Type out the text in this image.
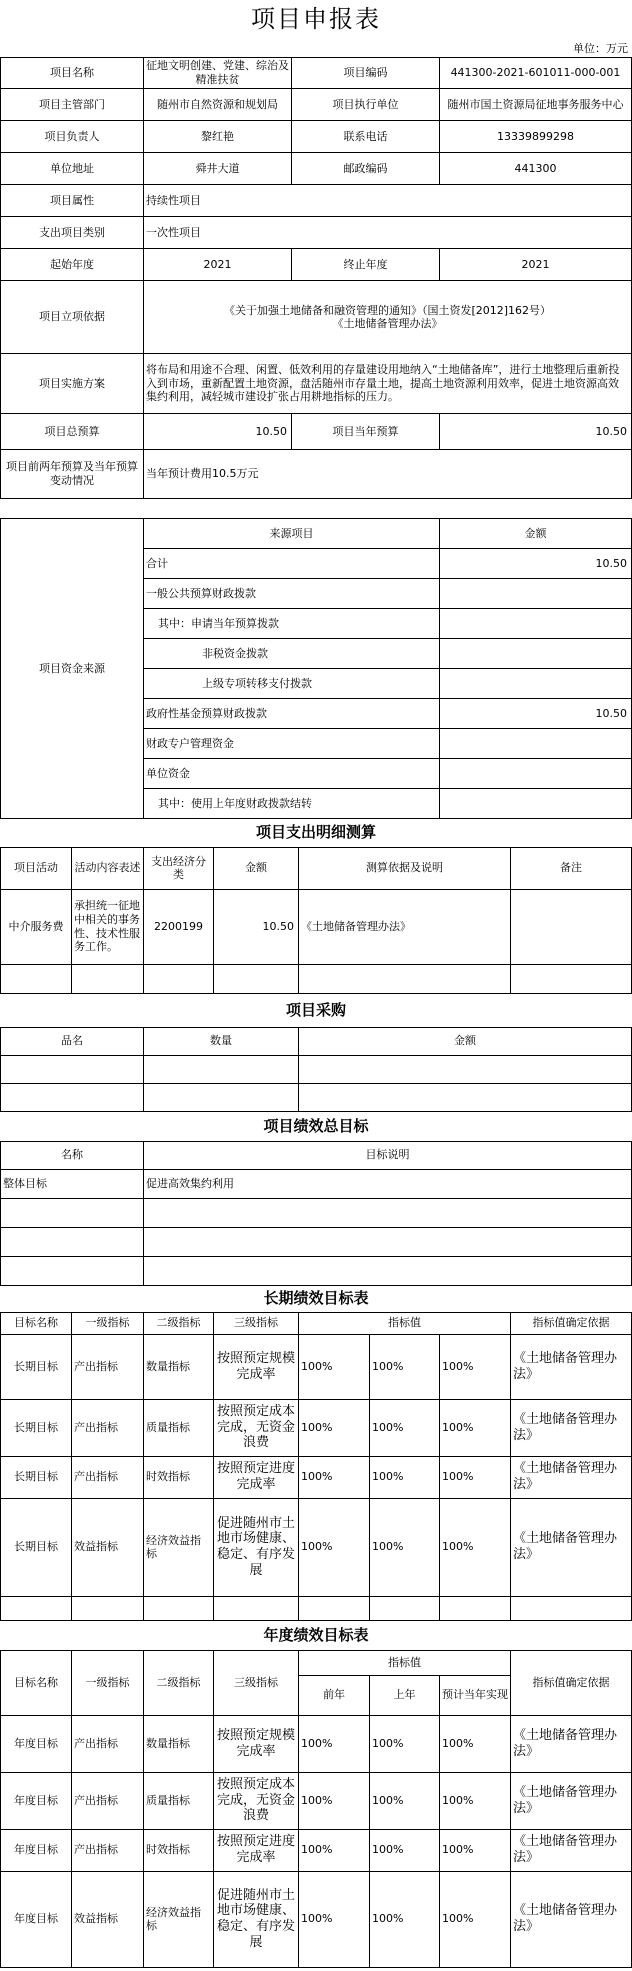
项目申报表
单位：万元
项目名称	征地文明创建、党建、综治及精准扶贫	项目编码	441300-2021-601011-000-001
项目主管部门	随州市自然资源和规划局	项目执行单位	随州市国土资源局征地事务服务中心
项目负责人	黎红艳	联系电话	13339899298
单位地址	舜井大道	邮政编码	441300
项目属性	持续性项目		
支出项目类别	一次性项目		
起始年度	2021	终止年度	2021
项目立项依据	《关于加强土地储备和融资管理的通知》（国土资发[2012]162号）
《土地储备管理办法》		

项目实施方案	将布局和用途不合理、闲置、低效利用的存量建设用地纳入“土地储备库”，进行土地整理后重新投入到市场，重新配置土地资源，盘活随州市存量土地，提高土地资源利用效率，促进土地资源高效集约利用，减轻城市建设扩张占用耕地指标的压力。		
项目总预算	10.50	项目当年预算	10.50
项目前两年预算及当年预算变动情况	当年预计费用10.5万元		
项目资金来源	来源项目	金额
	合计	10.50
	一般公共预算财政拨款	
	其中：申请当年预算拨款	
	非税资金拨款	
	上级专项转移支付拨款	
	政府性基金预算财政拨款	10.50
	财政专户管理资金	
	单位资金	
	其中：使用上年度财政拨款结转	
项目支出明细测算					
项目活动	活动内容表述	支出经济分类	金额	测算依据及说明	备注
中介服务费	承担统一征地中相关的事务性、技术性服务工作。	2200199	10.50	《土地储备管理办法》	

项目采购		
品名	数量	金额

项目绩效总目标	
名称	目标说明
整体目标	促进高效集约利用

长期绩效目标表							
目标名称	一级指标	二级指标	三级指标	指标值			指标值确定依据
长期目标	产出指标	数量指标	按照预定规模完成率	100%	100%	100%	《土地储备管理办法》
长期目标	产出指标	质量指标	按照预定成本完成，无资金浪费	100%	100%	100%	《土地储备管理办法》
长期目标	产出指标	时效指标	按照预定进度完成率	100%	100%	100%	《土地储备管理办法》
长期目标	效益指标	经济效益指标	促进随州市土地市场健康、稳定、有序发展	100%	100%	100%	《土地储备管理办法》

年度绩效目标表							
目标名称	一级指标	二级指标	三级指标	指标值			指标值确定依据
				前年	上年	预计当年实现	
年度目标	产出指标	数量指标	按照预定规模完成率	100%	100%	100%	《土地储备管理办法》
年度目标	产出指标	质量指标	按照预定成本完成，无资金浪费	100%	100%	100%	《土地储备管理办法》
年度目标	产出指标	时效指标	按照预定进度完成率	100%	100%	100%	《土地储备管理办法》
年度目标	效益指标	经济效益指标	促进随州市土地市场健康、稳定、有序发展	100%	100%	100%	《土地储备管理办法》
